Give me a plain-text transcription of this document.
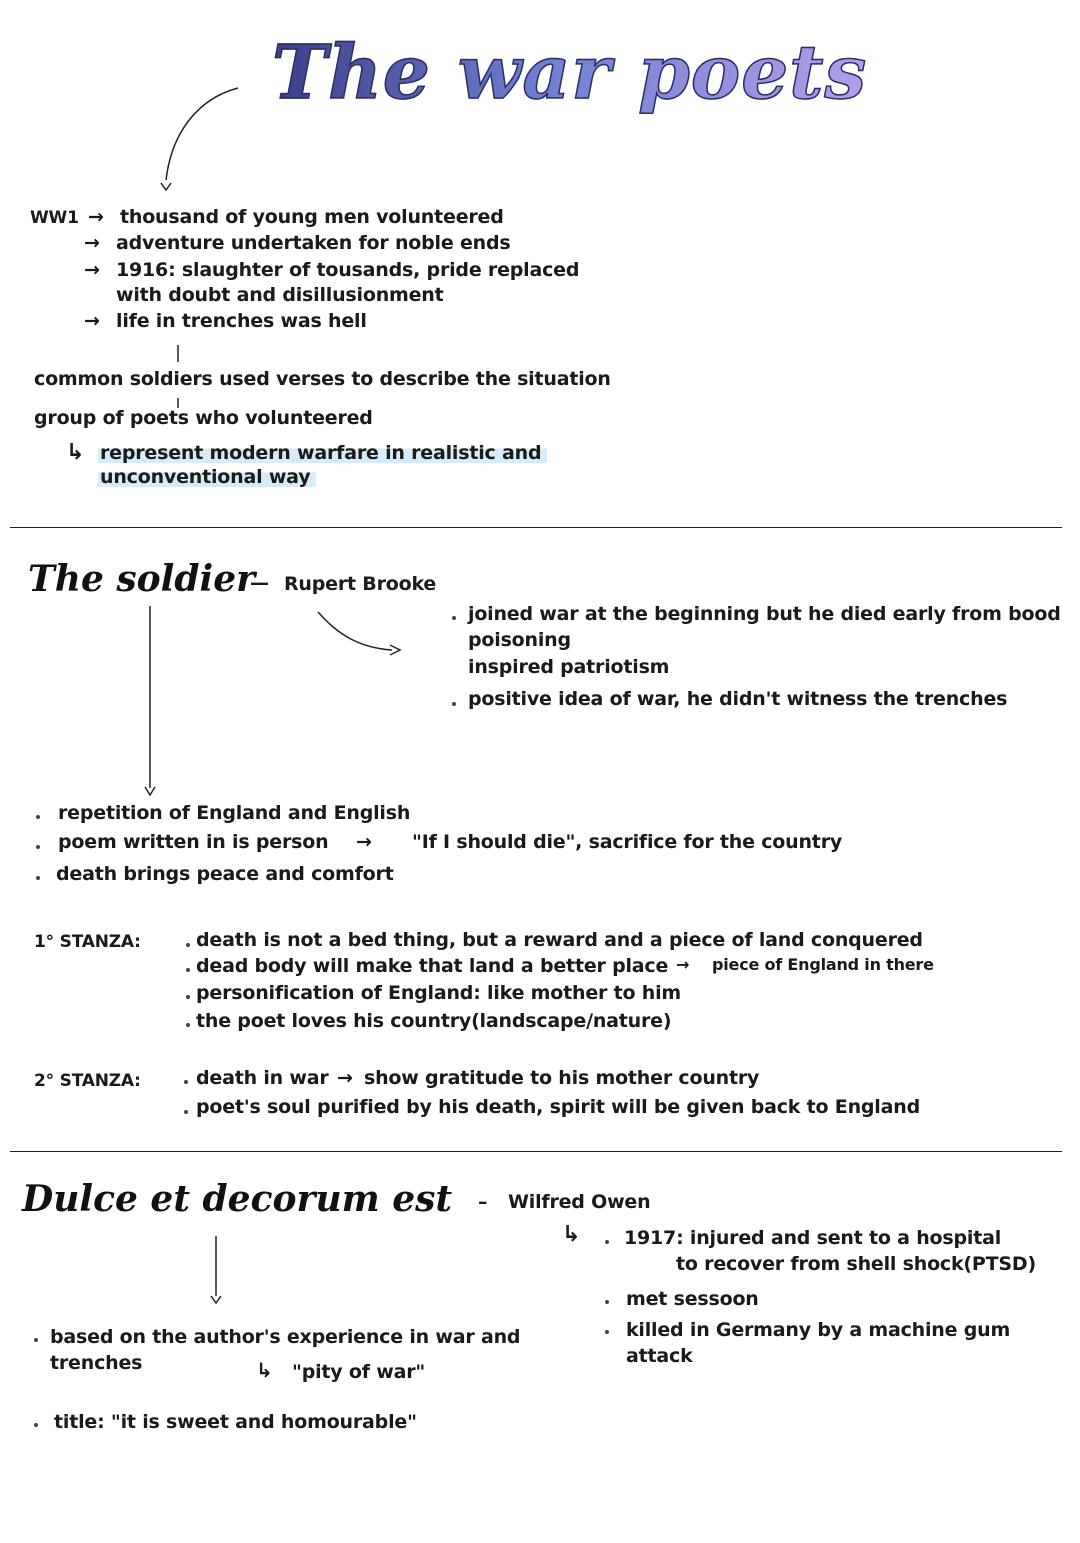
The war poets
WW1 → thousand of young men volunteered
→ adventure undertaken for noble ends
→ 1916: slaughter of tousands, pride replaced
with doubt and disillusionment
→ life in trenches was hell
common soldiers used verses to describe the situation
group of poets who volunteered
↳ represent modern warfare in realistic and
unconventional way
The soldier
— Rupert Brooke
joined war at the beginning but he died early from bood
poisoning
inspired patriotism
positive idea of war, he didn't witness the trenches
repetition of England and English
poem written in is person → "If I should die", sacrifice for the country
death brings peace and comfort
1° STANZA:	death is not a bed thing, but a reward and a piece of land conquered
dead body will make that land a better place → piece of England in there
personification of England: like mother to him
the poet loves his country(landscape/nature)
2° STANZA:	death in war → show gratitude to his mother country
poet's soul purified by his death, spirit will be given back to England
Dulce et decorum est – Wilfred Owen
↳ 1917: injured and sent to a hospital
to recover from shell shock(PTSD)
met sessoon
killed in Germany by a machine gum
attack
based on the author's experience in war and
trenches	↳ "pity of war"
title: "it is sweet and homourable"
